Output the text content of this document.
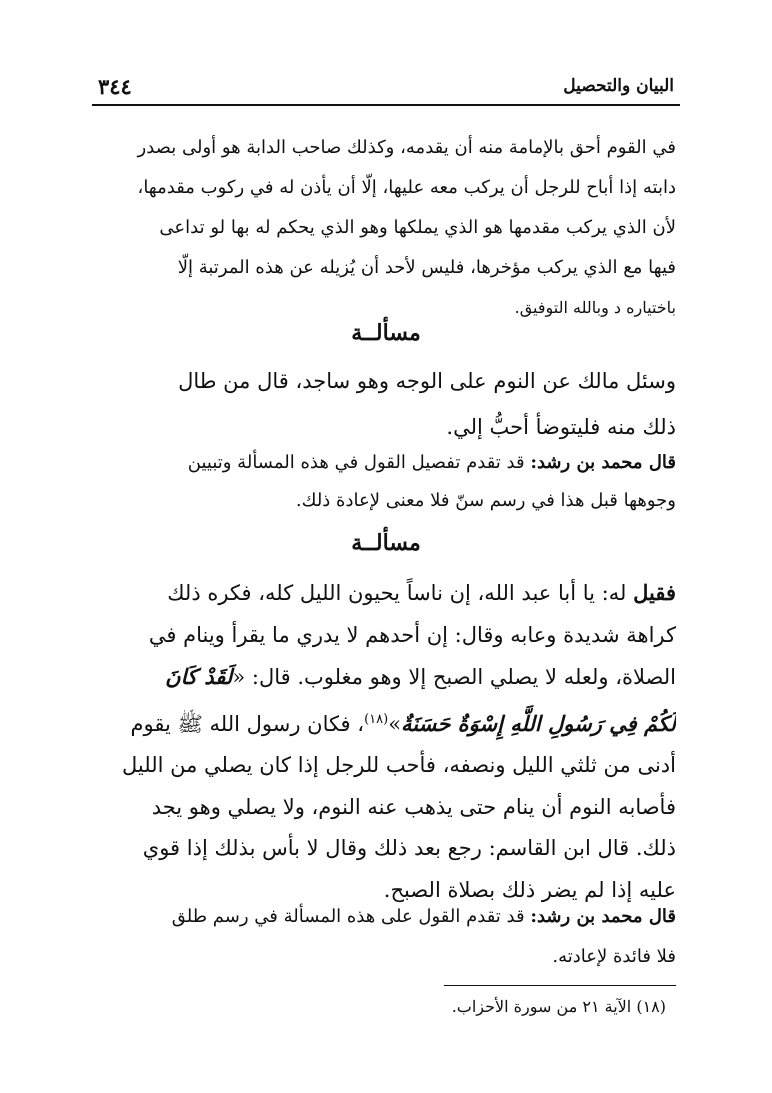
البيان والتحصيل
٣٤٤
في القوم أحق بالإمامة منه أن يقدمه، وكذلك صاحب الدابة هو أولى بصدر
دابته إذا أباح للرجل أن يركب معه عليها، إلّا أن يأذن له في ركوب مقدمها،
لأن الذي يركب مقدمها هو الذي يملكها وهو الذي يحكم له بها لو تداعى
فيها مع الذي يركب مؤخرها، فليس لأحد أن يُزيله عن هذه المرتبة إلّا
باختياره د وبالله التوفيق.
مسألــة
وسئل مالك عن النوم على الوجه وهو ساجد، قال من طال
ذلك منه فليتوضأ أحبُّ إلي.
قال محمد بن رشد: قد تقدم تفصيل القول في هذه المسألة وتبيين
وجوهها قبل هذا في رسم سنّ فلا معنى لإعادة ذلك.
مسألــة
فقيل له: يا أبا عبد الله، إن ناساً يحيون الليل كله، فكره ذلك
كراهة شديدة وعابه وقال: إن أحدهم لا يدري ما يقرأ وينام في
الصلاة، ولعله لا يصلي الصبح إلا وهو مغلوب. قال: «لَقَدْ كَانَ
لَكُمْ فِي رَسُولِ اللَّهِ إِسْوَةٌ حَسَنَةٌ»$^{(١٨)}$، فكان رسول الله ﷺ يقوم
أدنى من ثلثي الليل ونصفه، فأحب للرجل إذا كان يصلي من الليل
فأصابه النوم أن ينام حتى يذهب عنه النوم، ولا يصلي وهو يجد
ذلك. قال ابن القاسم: رجع بعد ذلك وقال لا بأس بذلك إذا قوي
عليه إذا لم يضر ذلك بصلاة الصبح.
قال محمد بن رشد: قد تقدم القول على هذه المسألة في رسم طلق
فلا فائدة لإعادته.
(١٨) الآية ٢١ من سورة الأحزاب.
